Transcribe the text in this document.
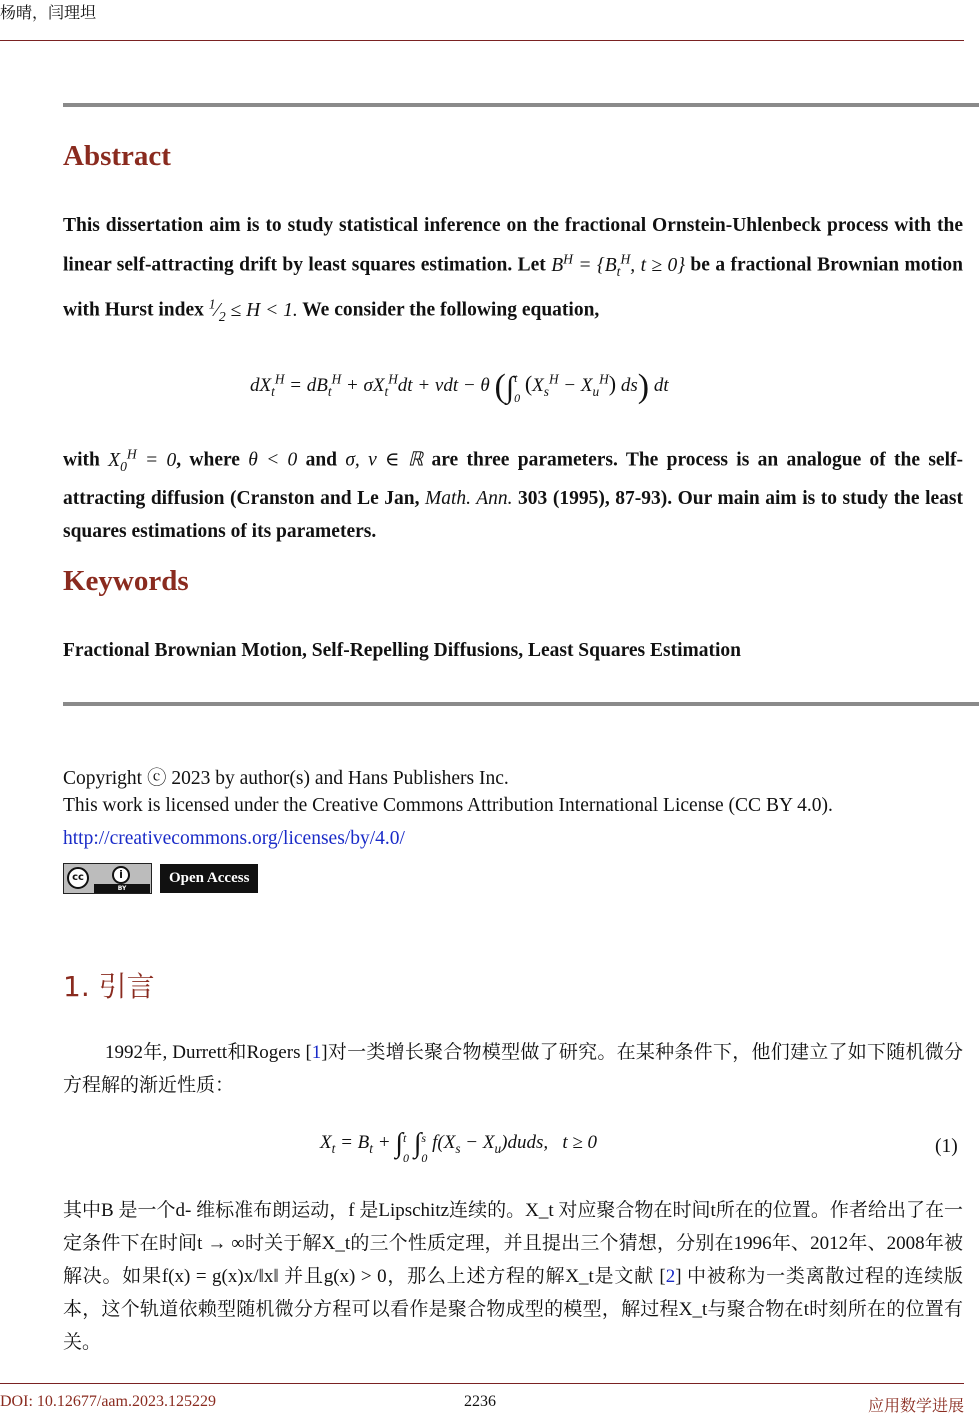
杨晴，闫理坦
Abstract
This dissertation aim is to study statistical inference on the fractional Ornstein-Uhlenbeck process with the linear self-attracting drift by least squares estimation. Let $B^H = \{B_t^H$, t ≥ 0} be a fractional Brownian motion with Hurst index $^1⁄_2 \le H < 1$. We consider the following equation,
$dX_t^H = dB_t^H + \sigma X_t^Hdt + \nu dt - \theta$ (∫t
0 $(X_s^H - X_u^H)$ ds) dt
with $X_0^H = 0$, where θ < 0 and σ, ν ∈ ℝ are three parameters. The process is an analogue of the self-attracting diffusion (Cranston and Le Jan, Math. Ann. 303 (1995), 87-93). Our main aim is to study the least squares estimations of its parameters.
Keywords
Fractional Brownian Motion, Self-Repelling Diffusions, Least Squares Estimation
Copyright ⓒ 2023 by author(s) and Hans Publishers Inc.
This work is licensed under the Creative Commons Attribution International License (CC BY 4.0).
http://creativecommons.org/licenses/by/4.0/
cc	i
BY
Open Access
1. 引言
1992年, Durrett和Rogers [1]对一类增长聚合物模型做了研究。在某种条件下，他们建立了如下随机微分方程解的渐近性质：
$X_t = B_t + \int t$
0 ∫s
0 $f(X_s$ − $X_u)duds$,   t ≥ 0	(1)
其中B 是一个d- 维标准布朗运动，f 是Lipschitz连续的。X_t 对应聚合物在时间t所在的位置。作者给出了在一定条件下在时间t → ∞时关于解X_t的三个性质定理，并且提出三个猜想，分别在1996年、2012年、2008年被解决。如果f(x) = g(x)x/‖x‖ 并且g(x) > 0，那么上述方程的解X_t是文献 [2] 中被称为一类离散过程的连续版本，这个轨道依赖型随机微分方程可以看作是聚合物成型的模型，解过程X_t与聚合物在t时刻所在的位置有关。
DOI: 10.12677/aam.2023.125229	2236	应用数学进展
